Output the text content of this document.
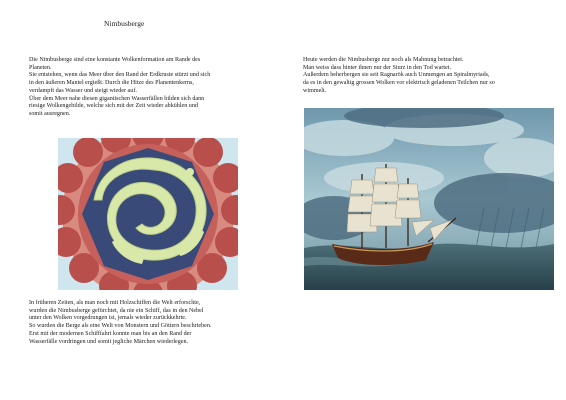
Nimbusberge

Die Nimbusberge sind eine konstante Wolkenformation am Rande des
Planeten.
Sie entstehen, wenn das Meer über den Rand der Erdkruste stürzt und sich
in den äußeren Mantel ergießt. Durch die Hitze des Planentenkerns,
verdampft das Wasser und steigt wieder auf.
Über dem Meer nahe diesen gigantischen Wasserfällen bilden sich dann
riesige Wolkengebilde, welche sich mit der Zeit wieder abkühlen und
somit ausregnen.

In früheren Zeiten, als man noch mit Holzschiffen die Welt erforschte,
wurden die Nimbusberge gefürchtet, da nie ein Schiff, das in den Nebel
unter den Wolken vorgedrungen ist, jemals wieder zurückkehrte.
So wurden die Berge als eine Welt von Monstern und Göttern beschrieben.
Erst mit der modernen Schifffahrt konnte man bis an den Rand der
Wasserfälle vordringen und somit jegliche Märchen wiederlegen.

Heute werden die Nimbusberge nur noch als Mahnung betrachtet.
Man weiss dass hinter ihnen nur der Sturz in den Tod wartet.
Außerdem beherbergen sie seit Ragnarök auch Unmengen an Spiralmyriads,
da es in den gewaltig grossen Wolken vor elektrisch geladenen Teilchen nur so
wimmelt.
